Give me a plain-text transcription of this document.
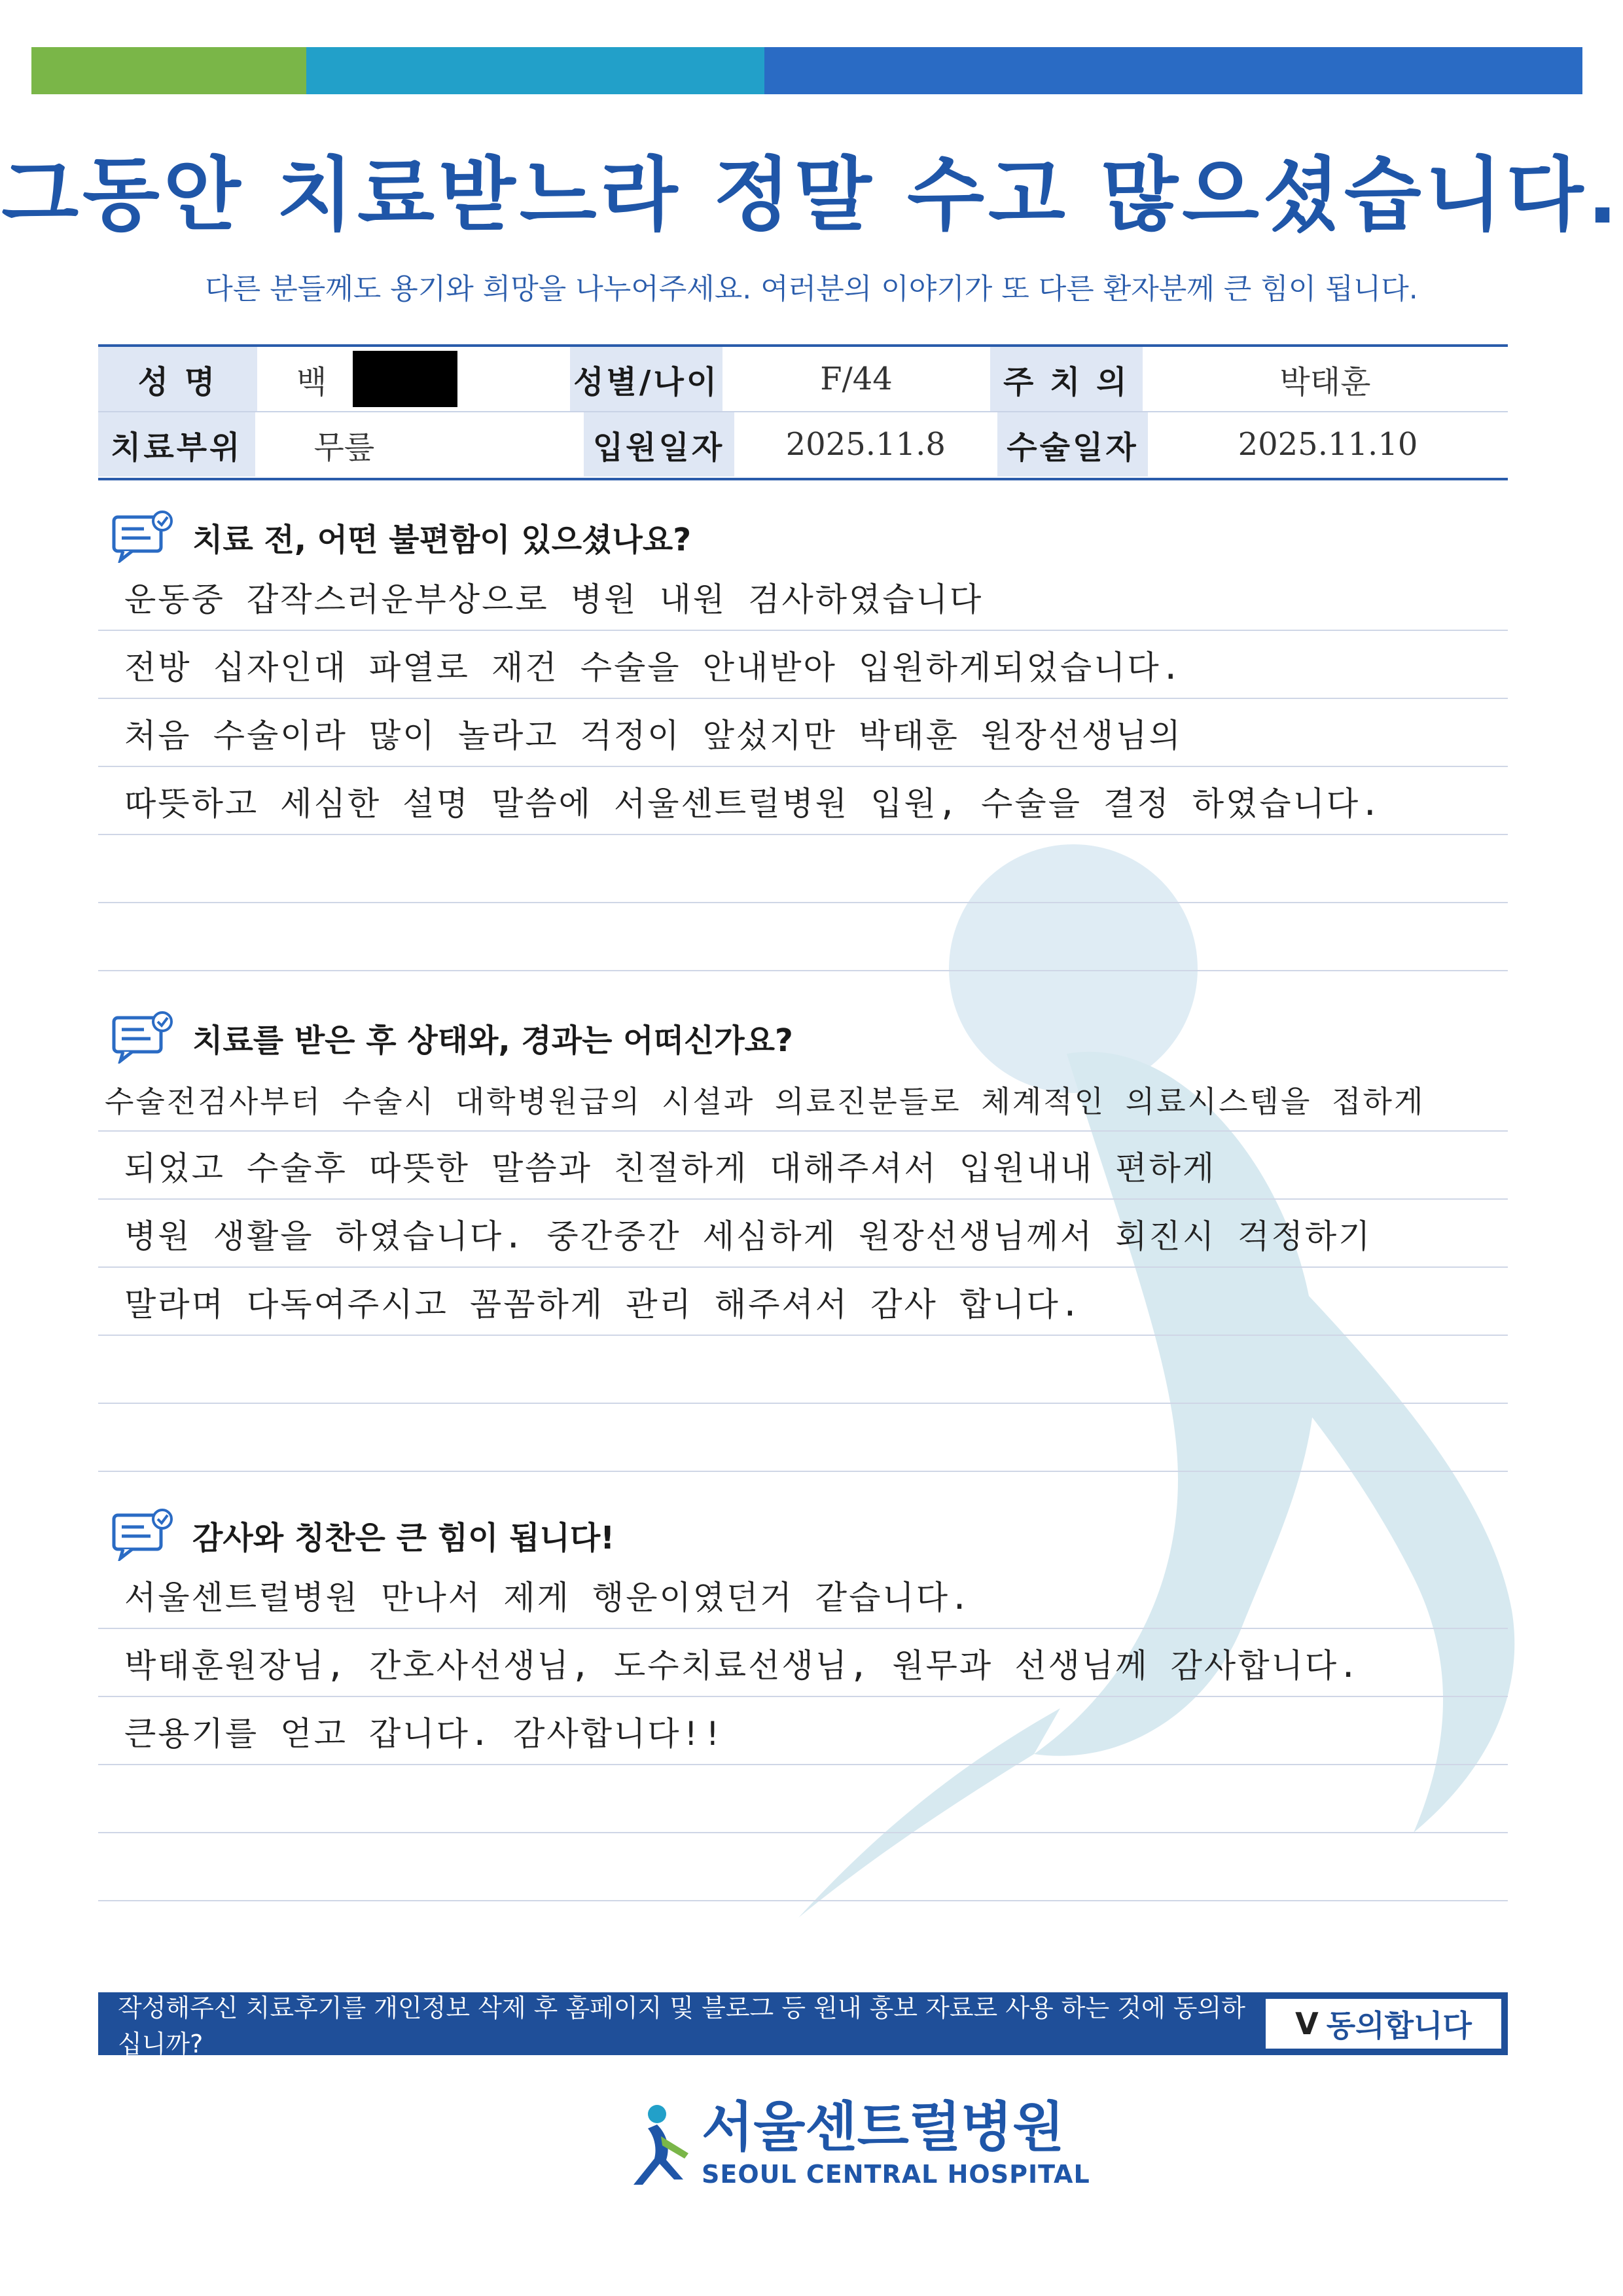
그동안 치료받느라 정말 수고 많으셨습니다.
다른 분들께도 용기와 희망을 나누어주세요. 여러분의 이야기가 또 다른 환자분께 큰 힘이 됩니다.
성 명	백	성별/나이	F/44	주 치 의	박태훈
치료부위	무릎	입원일자	2025.11.8	수술일자	2025.11.10
치료 전, 어떤 불편함이 있으셨나요?
운동중 갑작스러운부상으로 병원 내원 검사하였습니다
전방 십자인대 파열로 재건 수술을 안내받아 입원하게되었습니다.
처음 수술이라 많이 놀라고 걱정이 앞섰지만 박태훈 원장선생님의
따뜻하고 세심한 설명 말씀에 서울센트럴병원 입원, 수술을 결정 하였습니다.
치료를 받은 후 상태와, 경과는 어떠신가요?
수술전검사부터 수술시 대학병원급의 시설과 의료진분들로 체계적인 의료시스템을 접하게
되었고 수술후 따뜻한 말씀과 친절하게 대해주셔서 입원내내 편하게
병원 생활을 하였습니다. 중간중간 세심하게 원장선생님께서 회진시 걱정하기
말라며 다독여주시고 꼼꼼하게 관리 해주셔서 감사 합니다.
감사와 칭찬은 큰 힘이 됩니다!
서울센트럴병원 만나서 제게 행운이였던거 같습니다.
박태훈원장님, 간호사선생님, 도수치료선생님, 원무과 선생님께 감사합니다.
큰용기를 얻고 갑니다. 감사합니다!!
작성해주신 치료후기를 개인정보 삭제 후 홈페이지 및 블로그 등 원내 홍보 자료로 사용 하는 것에 동의하십니까?
V 동의합니다
서울센트럴병원
SEOUL CENTRAL HOSPITAL
